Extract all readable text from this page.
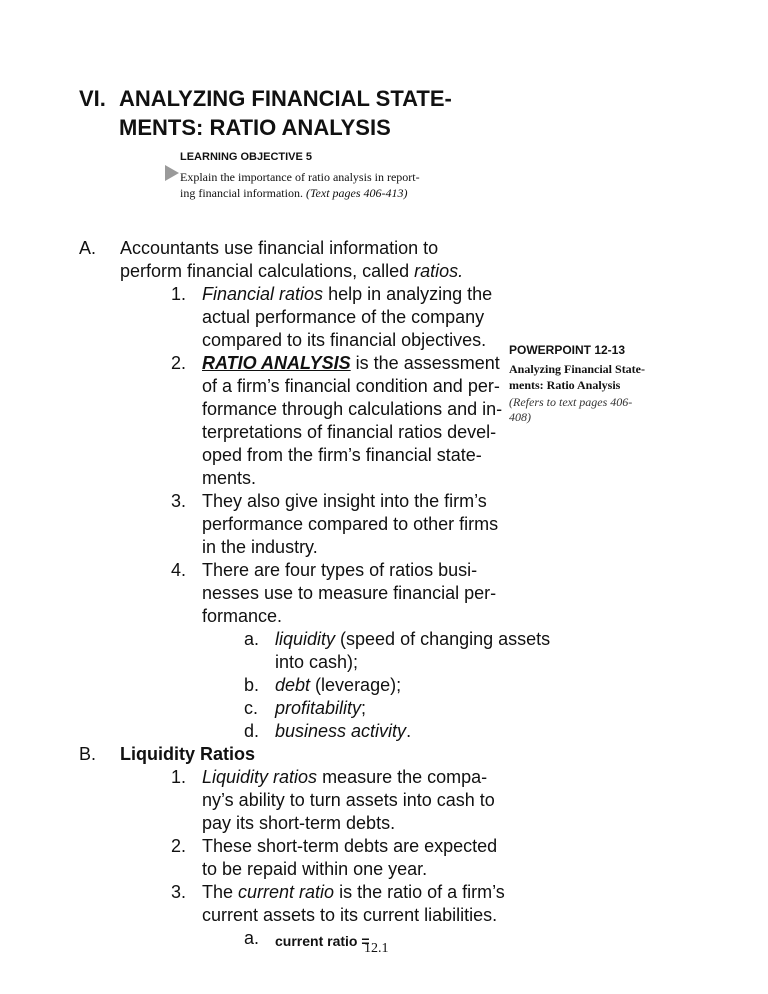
VI. ANALYZING FINANCIAL STATE-
MENTS: RATIO ANALYSIS
LEARNING OBJECTIVE 5
Explain the importance of ratio analysis in report-
ing financial information. (Text pages 406-413)
A. Accountants use financial information to
perform financial calculations, called ratios.
1. Financial ratios help in analyzing the
actual performance of the company
compared to its financial objectives.
2. RATIO ANALYSIS is the assessment
of a firm’s financial condition and per-
formance through calculations and in-
terpretations of financial ratios devel-
oped from the firm’s financial state-
ments.
3. They also give insight into the firm’s
performance compared to other firms
in the industry.
4. There are four types of ratios busi-
nesses use to measure financial per-
formance.
a. liquidity (speed of changing assets
into cash);
b. debt (leverage);
c. profitability;
d. business activity.
B. Liquidity Ratios
1. Liquidity ratios measure the compa-
ny’s ability to turn assets into cash to
pay its short-term debts.
2. These short-term debts are expected
to be repaid within one year.
3. The current ratio is the ratio of a firm’s
current assets to its current liabilities.
a. current ratio =
POWERPOINT 12-13
Analyzing Financial State-
ments: Ratio Analysis
(Refers to text pages 406-
408)
12.1
